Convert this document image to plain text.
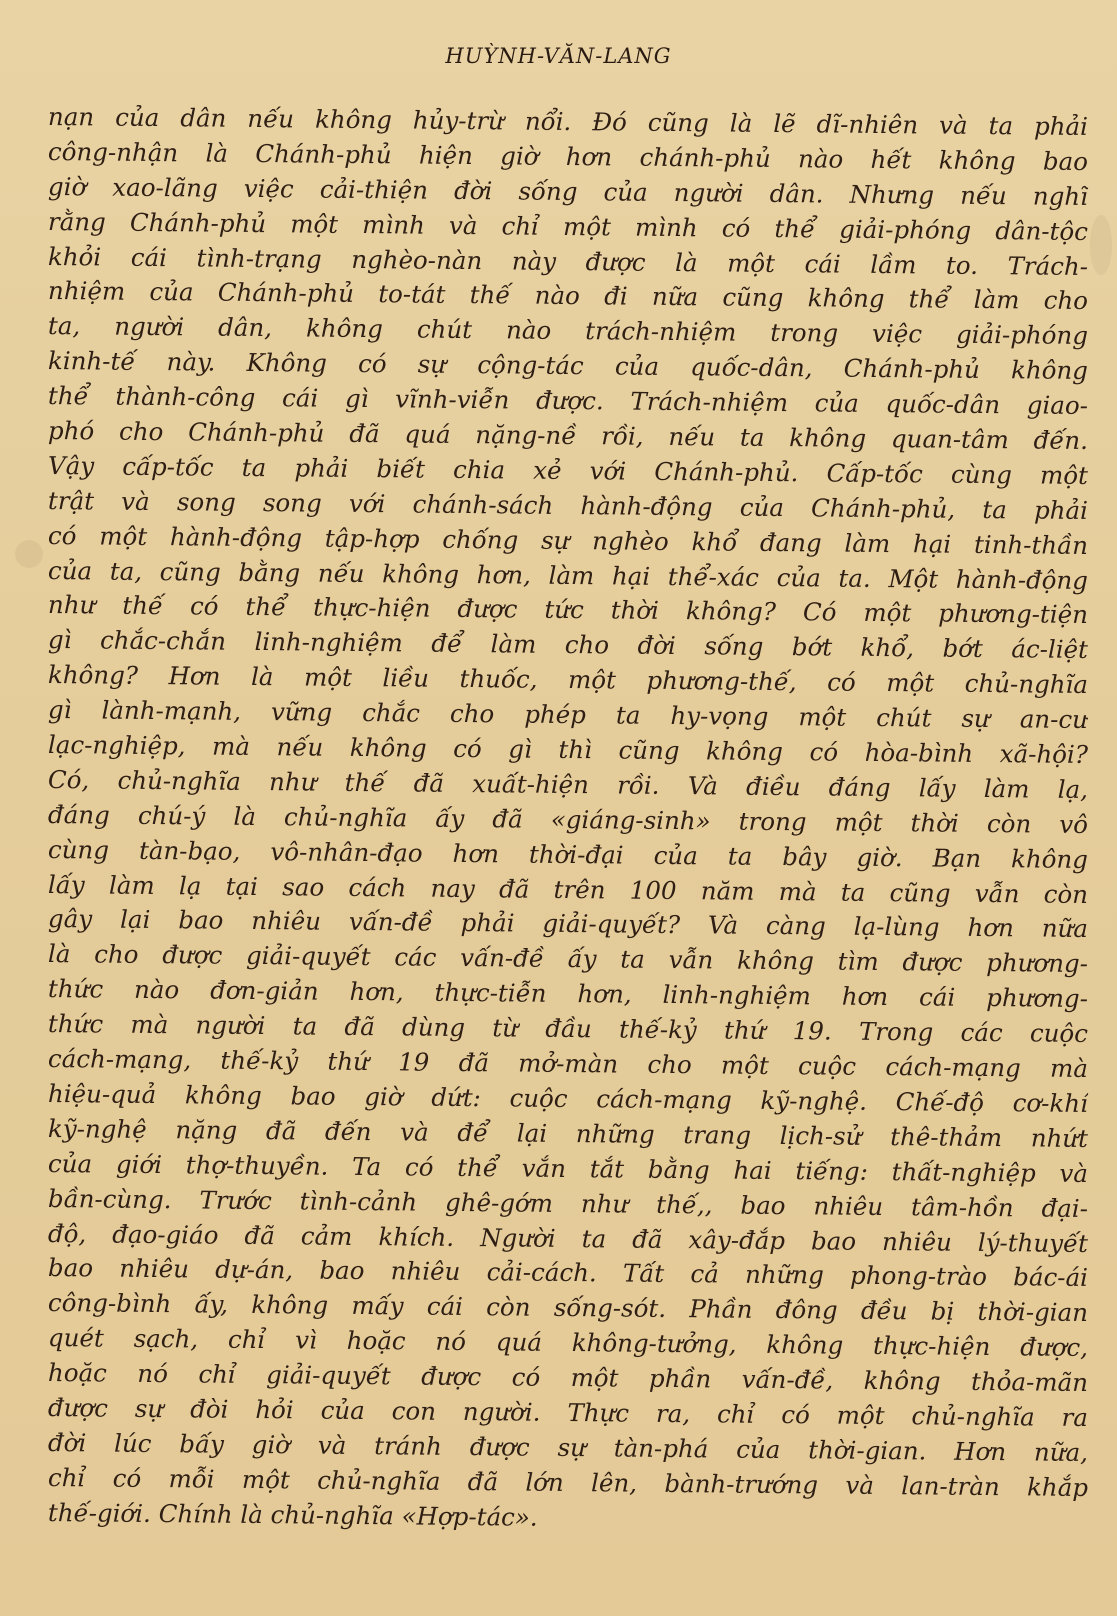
HUỲNH-VĂN-LANG
nạn của dân nếu không hủy-trừ nổi. Đó cũng là lẽ dĩ-nhiên và ta phải
công-nhận là Chánh-phủ hiện giờ hơn chánh-phủ nào hết không bao
giờ xao-lãng việc cải-thiện đời sống của người dân. Nhưng nếu nghĩ
rằng Chánh-phủ một mình và chỉ một mình có thể giải-phóng dân-tộc
khỏi cái tình-trạng nghèo-nàn này được là một cái lầm to. Trách-
nhiệm của Chánh-phủ to-tát thế nào đi nữa cũng không thể làm cho
ta, người dân, không chút nào trách-nhiệm trong việc giải-phóng
kinh-tế này. Không có sự cộng-tác của quốc-dân, Chánh-phủ không
thể thành-công cái gì vĩnh-viễn được. Trách-nhiệm của quốc-dân giao-
phó cho Chánh-phủ đã quá nặng-nề rồi, nếu ta không quan-tâm đến.
Vậy cấp-tốc ta phải biết chia xẻ với Chánh-phủ. Cấp-tốc cùng một
trật và song song với chánh-sách hành-động của Chánh-phủ, ta phải
có một hành-động tập-hợp chống sự nghèo khổ đang làm hại tinh-thần
của ta, cũng bằng nếu không hơn, làm hại thể-xác của ta. Một hành-động
như thế có thể thực-hiện được tức thời không? Có một phương-tiện
gì chắc-chắn linh-nghiệm để làm cho đời sống bớt khổ, bớt ác-liệt
không? Hơn là một liều thuốc, một phương-thế, có một chủ-nghĩa
gì lành-mạnh, vững chắc cho phép ta hy-vọng một chút sự an-cư
lạc-nghiệp, mà nếu không có gì thì cũng không có hòa-bình xã-hội?
Có, chủ-nghĩa như thế đã xuất-hiện rồi. Và điều đáng lấy làm lạ,
đáng chú-ý là chủ-nghĩa ấy đã «giáng-sinh» trong một thời còn vô
cùng tàn-bạo, vô-nhân-đạo hơn thời-đại của ta bây giờ. Bạn không
lấy làm lạ tại sao cách nay đã trên 100 năm mà ta cũng vẫn còn
gây lại bao nhiêu vấn-đề phải giải-quyết? Và càng lạ-lùng hơn nữa
là cho được giải-quyết các vấn-đề ấy ta vẫn không tìm được phương-
thức nào đơn-giản hơn, thực-tiễn hơn, linh-nghiệm hơn cái phương-
thức mà người ta đã dùng từ đầu thế-kỷ thứ 19. Trong các cuộc
cách-mạng, thế-kỷ thứ 19 đã mở-màn cho một cuộc cách-mạng mà
hiệu-quả không bao giờ dứt: cuộc cách-mạng kỹ-nghệ. Chế-độ cơ-khí
kỹ-nghệ nặng đã đến và để lại những trang lịch-sử thê-thảm nhứt
của giới thợ-thuyền. Ta có thể vắn tắt bằng hai tiếng: thất-nghiệp và
bần-cùng. Trước tình-cảnh ghê-gớm như thế,, bao nhiêu tâm-hồn đại-
độ, đạo-giáo đã cảm khích. Người ta đã xây-đắp bao nhiêu lý-thuyết
bao nhiêu dự-án, bao nhiêu cải-cách. Tất cả những phong-trào bác-ái
công-bình ấy, không mấy cái còn sống-sót. Phần đông đều bị thời-gian
quét sạch, chỉ vì hoặc nó quá không-tưởng, không thực-hiện được,
hoặc nó chỉ giải-quyết được có một phần vấn-đề, không thỏa-mãn
được sự đòi hỏi của con người. Thực ra, chỉ có một chủ-nghĩa ra
đời lúc bấy giờ và tránh được sự tàn-phá của thời-gian. Hơn nữa,
chỉ có mỗi một chủ-nghĩa đã lớn lên, bành-trướng và lan-tràn khắp
thế-giới. Chính là chủ-nghĩa «Hợp-tác».
